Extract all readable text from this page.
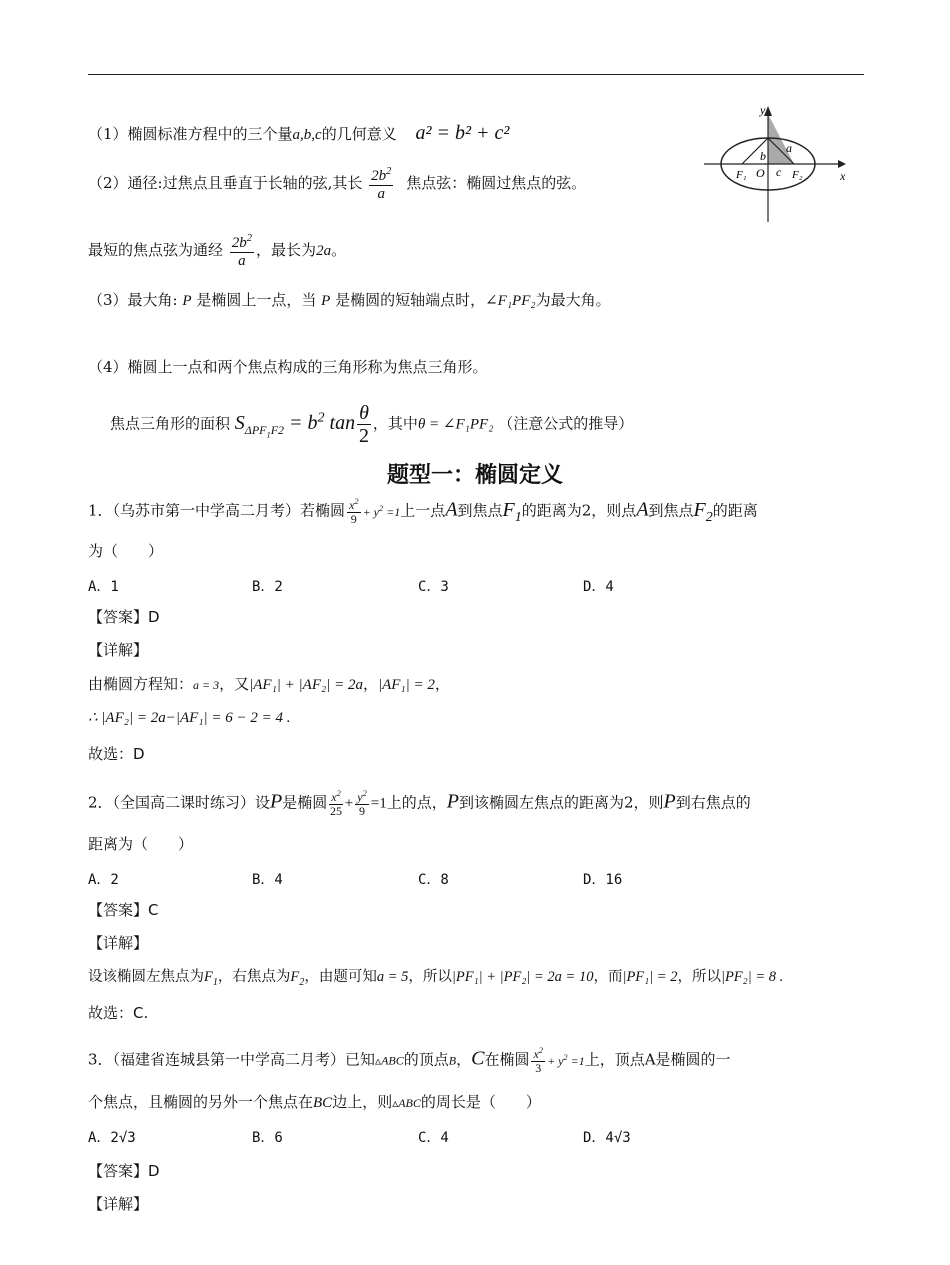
（1）椭圆标准方程中的三个量a,b,c的几何意义 a² = b² + c²
（2）通径:过焦点且垂直于长轴的弦,其长 $\frac{2b^2}{a}$ 焦点弦：椭圆过焦点的弦。
最短的焦点弦为通经 $\frac{2b^2}{a}$ ，最长为2a。
（3）最大角: P 是椭圆上一点，当 P 是椭圆的短轴端点时，∠F₁PF₂为最大角。
（4）椭圆上一点和两个焦点构成的三角形称为焦点三角形。
焦点三角形的面积 $S_{\Delta PF_1F2} = b^2$ $\tan \frac{\theta}{2}$ ，其中θ = ∠F₁PF₂ （注意公式的推导）
y
x
b
a
F₁ O c F₂
题型一：椭圆定义
1．（乌苏市第一中学高二月考）若椭圆 $\frac{x^2}{9} + y^2 =1$上一点A到焦点$F_1$的距离为2，则点A到焦点$F_2$的距离
为（　　）
A．1	B．2	C．3	D．4
【答案】D
【详解】
由椭圆方程知：a = 3，又|AF₁| + |AF₂| = 2a，|AF₁| = 2，
∴ |AF₂| = 2a−|AF₁| = 6 − 2 = 4 .
故选：D
2．（全国高二课时练习）设P是椭圆 $\frac{x^2}{25} + \frac{y^2}{9} =1$上的点，P到该椭圆左焦点的距离为2，则P到右焦点的
距离为（　　）
A．2	B．4	C．8	D．16
【答案】C
【详解】
设该椭圆左焦点为$F_1$，右焦点为$F_2$，由题可知a = 5，所以|PF₁| + |PF₂| = 2a = 10，而|PF₁| = 2，所以|PF₂| = 8 .
故选：C.
3．（福建省连城县第一中学高二月考）已知▵ABC的顶点B，C在椭圆 $\frac{x^2}{3} + y^2 =1$上，顶点A是椭圆的一
个焦点，且椭圆的另外一个焦点在BC边上，则▵ABC的周长是（　　）
A．2√3	B．6	C．4	D．4√3
【答案】D
【详解】
